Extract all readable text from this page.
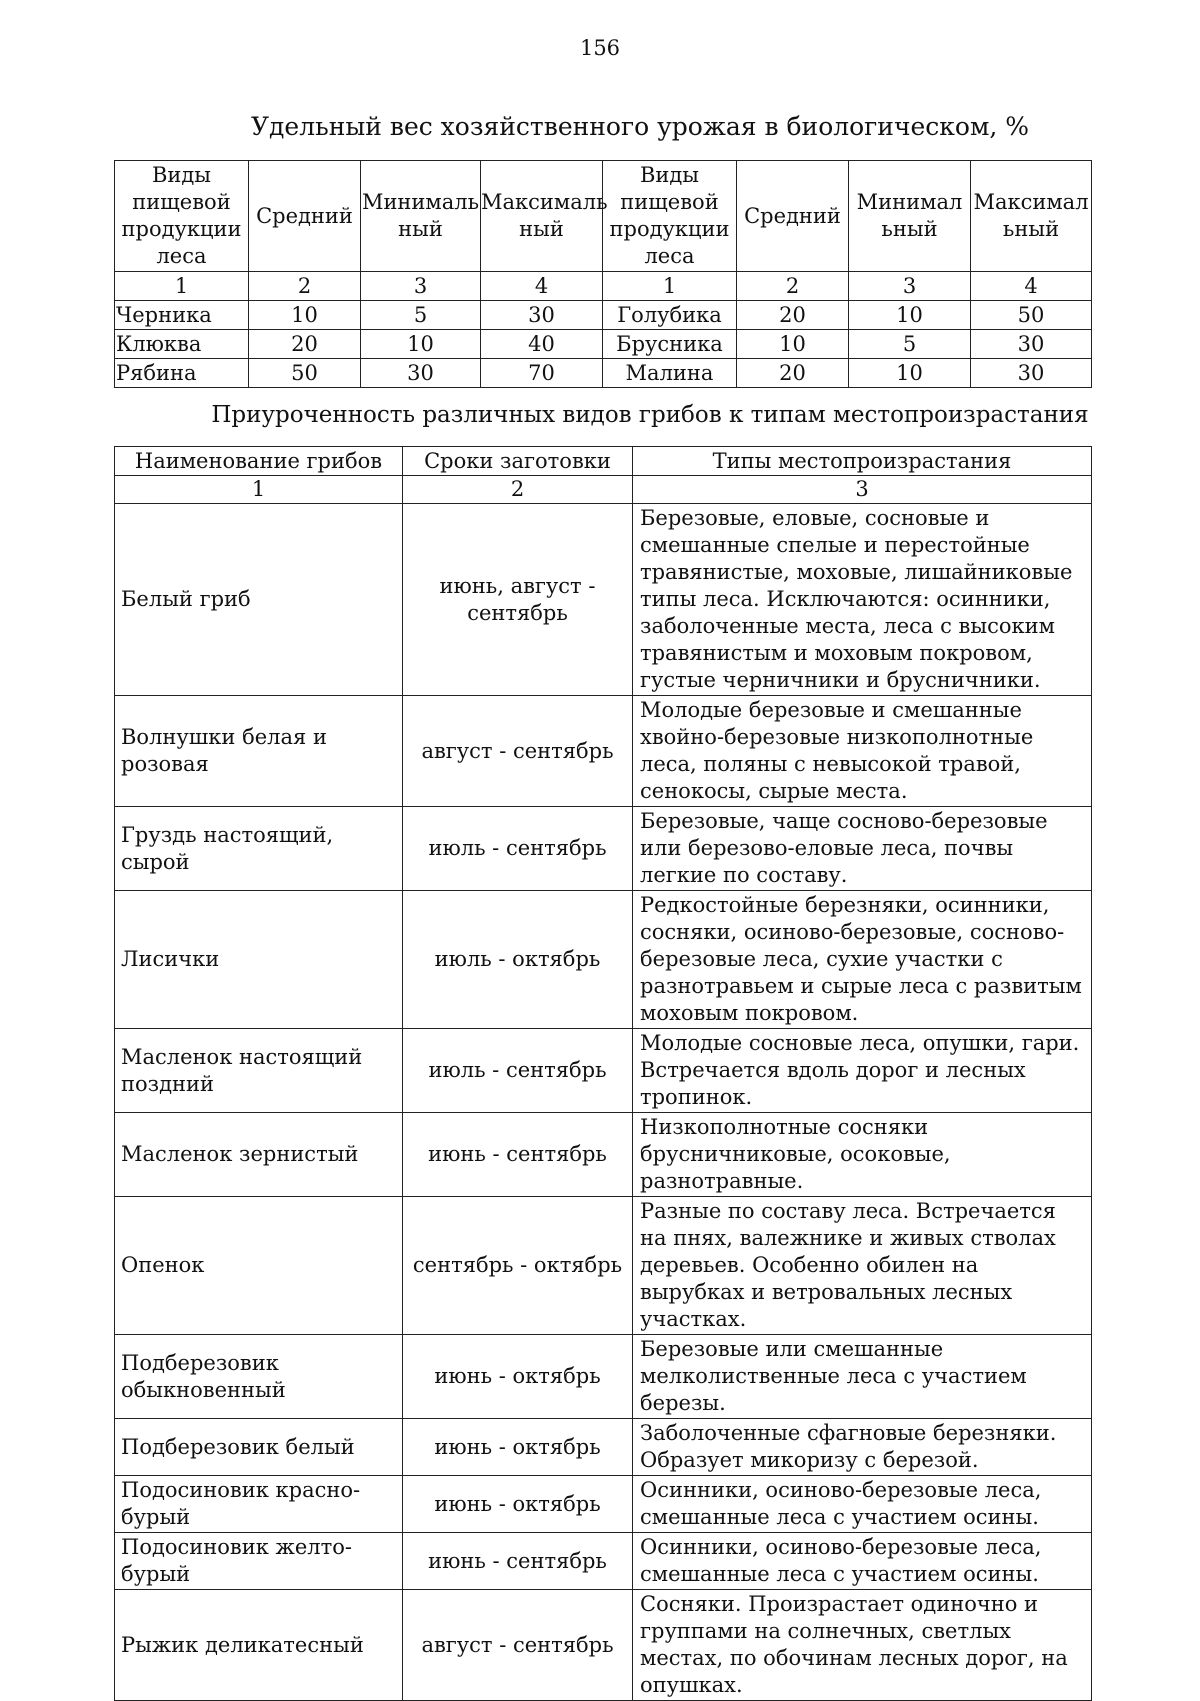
156
Удельный вес хозяйственного урожая в биологическом, %
Виды пищевой продукции леса	Средний	Минималь ный	Максималь ный	Виды пищевой продукции леса	Средний	Минимал ьный	Максимал ьный
1	2	3	4	1	2	3	4
Черника	10	5	30	Голубика	20	10	50
Клюква	20	10	40	Брусника	10	5	30
Рябина	50	30	70	Малина	20	10	30
Приуроченность различных видов грибов к типам местопроизрастания
Наименование грибов	Сроки заготовки	Типы местопроизрастания
1	2	3
Белый гриб	июнь, август - сентябрь	Березовые, еловые, сосновые и смешанные спелые и перестойные травянистые, моховые, лишайниковые типы леса. Исключаются: осинники, заболоченные места, леса с высоким травянистым и моховым покровом, густые черничники и брусничники.
Волнушки белая и розовая	август - сентябрь	Молодые березовые и смешанные хвойно-березовые низкополнотные леса, поляны с невысокой травой, сенокосы, сырые места.
Груздь настоящий, сырой	июль - сентябрь	Березовые, чаще сосново-березовые или березово-еловые леса, почвы легкие по составу.
Лисички	июль - октябрь	Редкостойные березняки, осинники, сосняки, осиново-березовые, сосново-березовые леса, сухие участки с разнотравьем и сырые леса с развитым моховым покровом.
Масленок настоящий поздний	июль - сентябрь	Молодые сосновые леса, опушки, гари. Встречается вдоль дорог и лесных тропинок.
Масленок зернистый	июнь - сентябрь	Низкополнотные сосняки брусничниковые, осоковые, разнотравные.
Опенок	сентябрь - октябрь	Разные по составу леса. Встречается на пнях, валежнике и живых стволах деревьев. Особенно обилен на вырубках и ветровальных лесных участках.
Подберезовик обыкновенный	июнь - октябрь	Березовые или смешанные мелколиственные леса с участием березы.
Подберезовик белый	июнь - октябрь	Заболоченные сфагновые березняки. Образует микоризу с березой.
Подосиновик красно-бурый	июнь - октябрь	Осинники, осиново-березовые леса, смешанные леса с участием осины.
Подосиновик желто-бурый	июнь - сентябрь	Осинники, осиново-березовые леса, смешанные леса с участием осины.
Рыжик деликатесный	август - сентябрь	Сосняки. Произрастает одиночно и группами на солнечных, светлых местах, по обочинам лесных дорог, на опушках.
